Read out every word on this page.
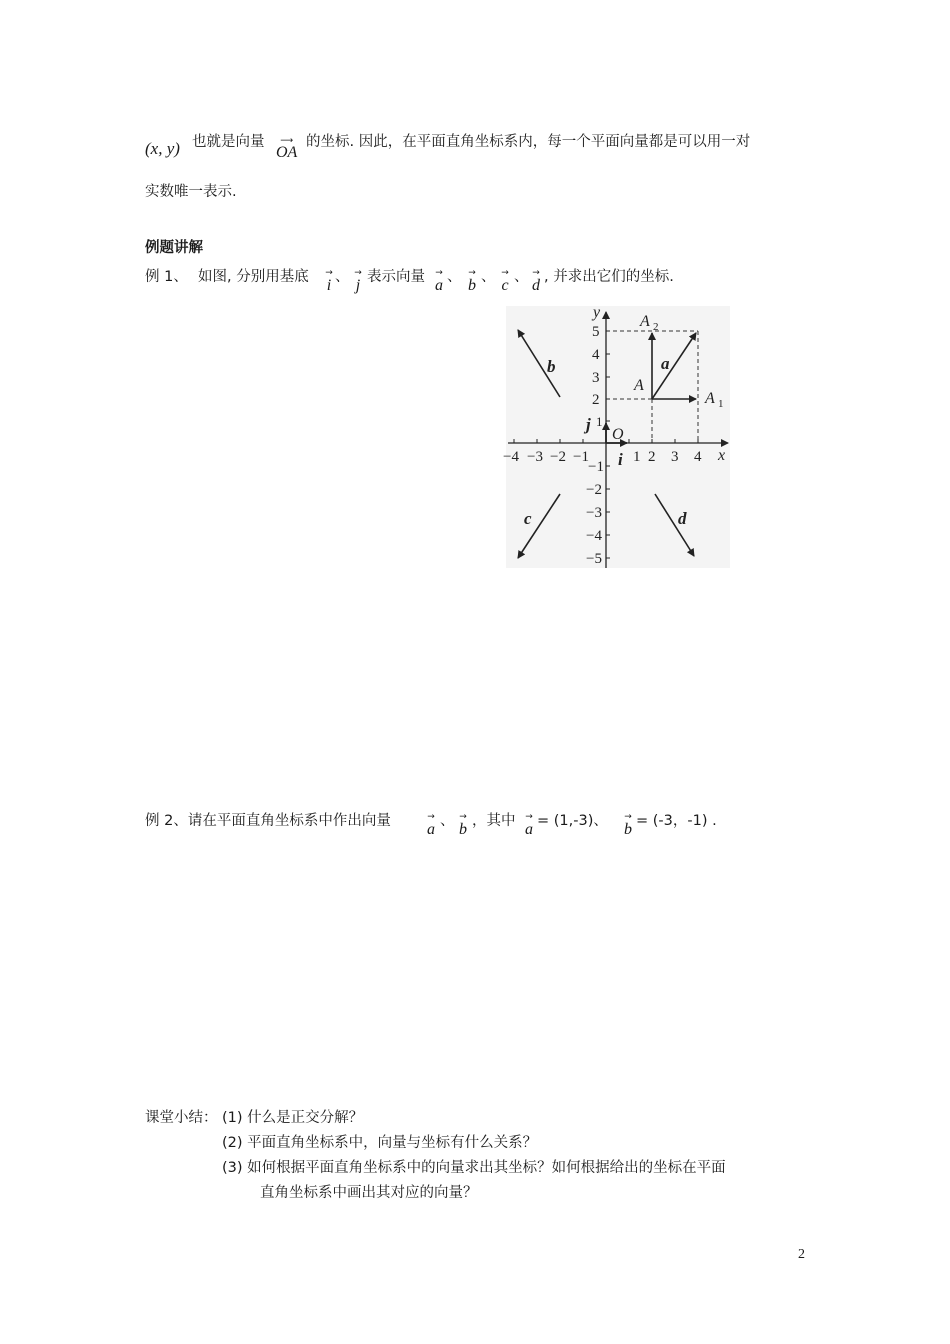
(x, y) 也就是向量	⟶
OA
的坐标. 因此，在平面直角坐标系内，每一个平面向量都是可以用一对
实数唯一表示.
例题讲解
例 1、 如图, 分别用基底 →
i 、 →
j 表示向量 →
a 、 →
b 、 →
c 、 →
d , 并求出它们的坐标.
−4 −3 −2 −1	1 2 3 4
5
4
3
2
1
−1
−2
−3
−4
−5
x
y
O
i
j
A
A 1
A 2
a
b
c	d
例 2、请在平面直角坐标系中作出向量	→
a 、 →
b ，其中 →
a = (1,-3)、 →
b = (-3，-1) .
课堂小结： (1) 什么是正交分解？
(2) 平面直角坐标系中，向量与坐标有什么关系？
(3) 如何根据平面直角坐标系中的向量求出其坐标？如何根据给出的坐标在平面
直角坐标系中画出其对应的向量？
2
